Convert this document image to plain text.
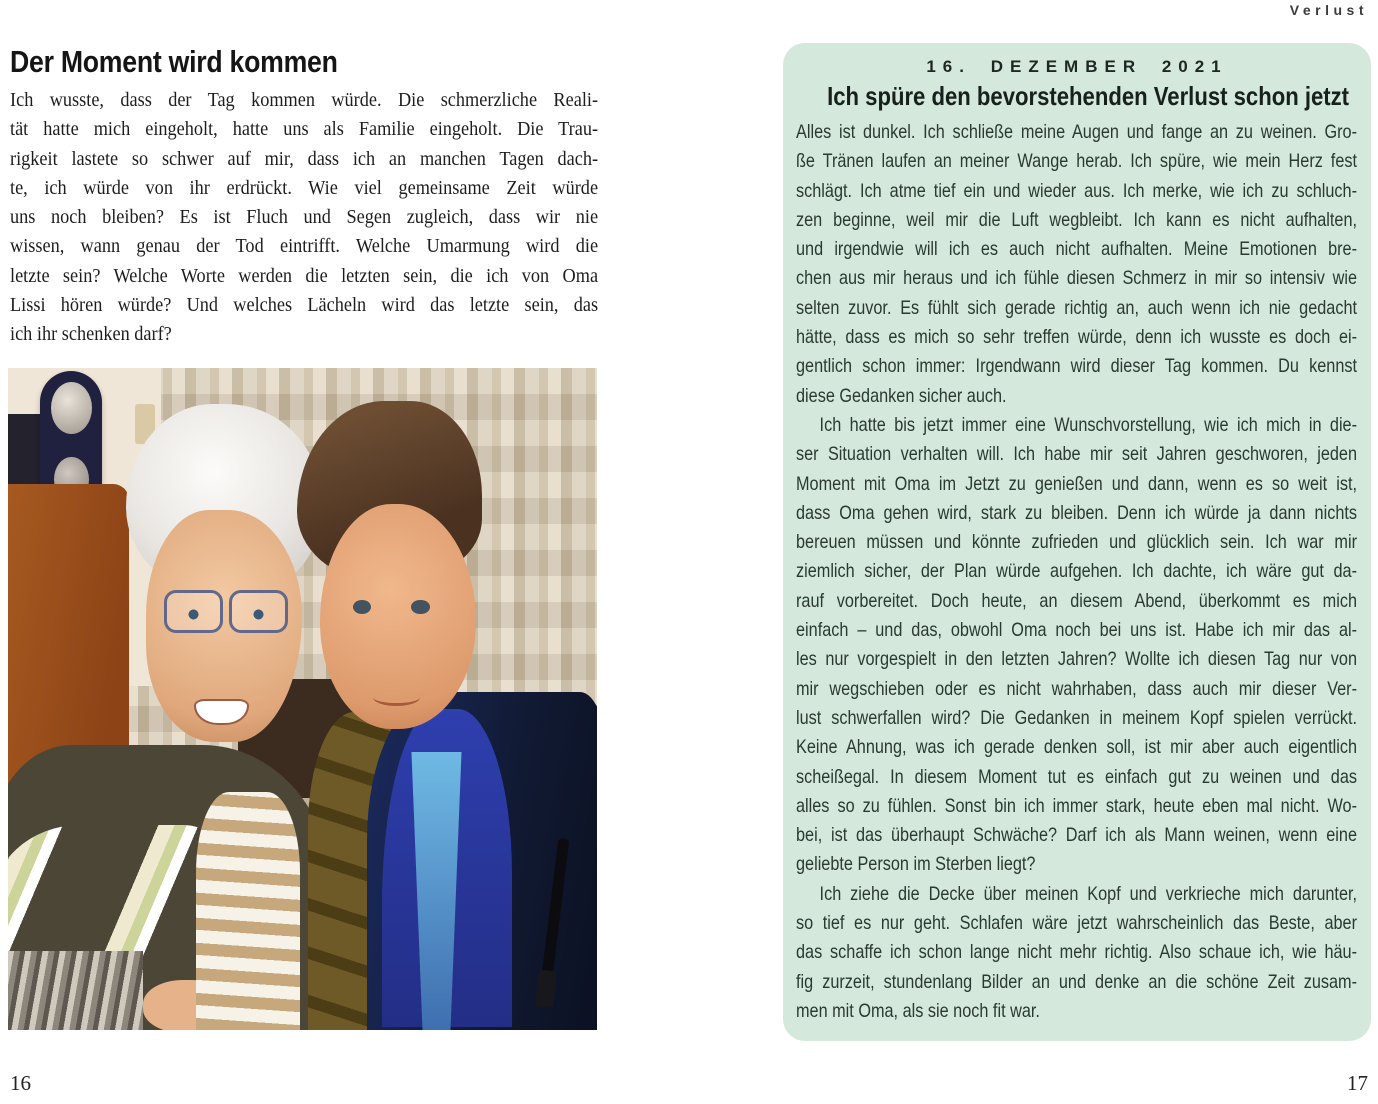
Verlust
Der Moment wird kommen
Ich wusste, dass der Tag kommen würde. Die schmerzliche Reali-
tät hatte mich eingeholt, hatte uns als Familie eingeholt. Die Trau-
rigkeit lastete so schwer auf mir, dass ich an manchen Tagen dach-
te, ich würde von ihr erdrückt. Wie viel gemeinsame Zeit würde
uns noch bleiben? Es ist Fluch und Segen zugleich, dass wir nie
wissen, wann genau der Tod eintrifft. Welche Umarmung wird die
letzte sein? Welche Worte werden die letzten sein, die ich von Oma
Lissi hören würde? Und welches Lächeln wird das letzte sein, das
ich ihr schenken darf?
16
16. DEZEMBER 2021
Ich spüre den bevorstehenden Verlust schon jetzt
Alles ist dunkel. Ich schließe meine Augen und fange an zu weinen. Gro-
ße Tränen laufen an meiner Wange herab. Ich spüre, wie mein Herz fest
schlägt. Ich atme tief ein und wieder aus. Ich merke, wie ich zu schluch-
zen beginne, weil mir die Luft wegbleibt. Ich kann es nicht aufhalten,
und irgendwie will ich es auch nicht aufhalten. Meine Emotionen bre-
chen aus mir heraus und ich fühle diesen Schmerz in mir so intensiv wie
selten zuvor. Es fühlt sich gerade richtig an, auch wenn ich nie gedacht
hätte, dass es mich so sehr treffen würde, denn ich wusste es doch ei-
gentlich schon immer: Irgendwann wird dieser Tag kommen. Du kennst
diese Gedanken sicher auch.
Ich hatte bis jetzt immer eine Wunschvorstellung, wie ich mich in die-
ser Situation verhalten will. Ich habe mir seit Jahren geschworen, jeden
Moment mit Oma im Jetzt zu genießen und dann, wenn es so weit ist,
dass Oma gehen wird, stark zu bleiben. Denn ich würde ja dann nichts
bereuen müssen und könnte zufrieden und glücklich sein. Ich war mir
ziemlich sicher, der Plan würde aufgehen. Ich dachte, ich wäre gut da-
rauf vorbereitet. Doch heute, an diesem Abend, überkommt es mich
einfach – und das, obwohl Oma noch bei uns ist. Habe ich mir das al-
les nur vorgespielt in den letzten Jahren? Wollte ich diesen Tag nur von
mir wegschieben oder es nicht wahrhaben, dass auch mir dieser Ver-
lust schwerfallen wird? Die Gedanken in meinem Kopf spielen verrückt.
Keine Ahnung, was ich gerade denken soll, ist mir aber auch eigentlich
scheißegal. In diesem Moment tut es einfach gut zu weinen und das
alles so zu fühlen. Sonst bin ich immer stark, heute eben mal nicht. Wo-
bei, ist das überhaupt Schwäche? Darf ich als Mann weinen, wenn eine
geliebte Person im Sterben liegt?
Ich ziehe die Decke über meinen Kopf und verkrieche mich darunter,
so tief es nur geht. Schlafen wäre jetzt wahrscheinlich das Beste, aber
das schaffe ich schon lange nicht mehr richtig. Also schaue ich, wie häu-
fig zurzeit, stundenlang Bilder an und denke an die schöne Zeit zusam-
men mit Oma, als sie noch fit war.
17
